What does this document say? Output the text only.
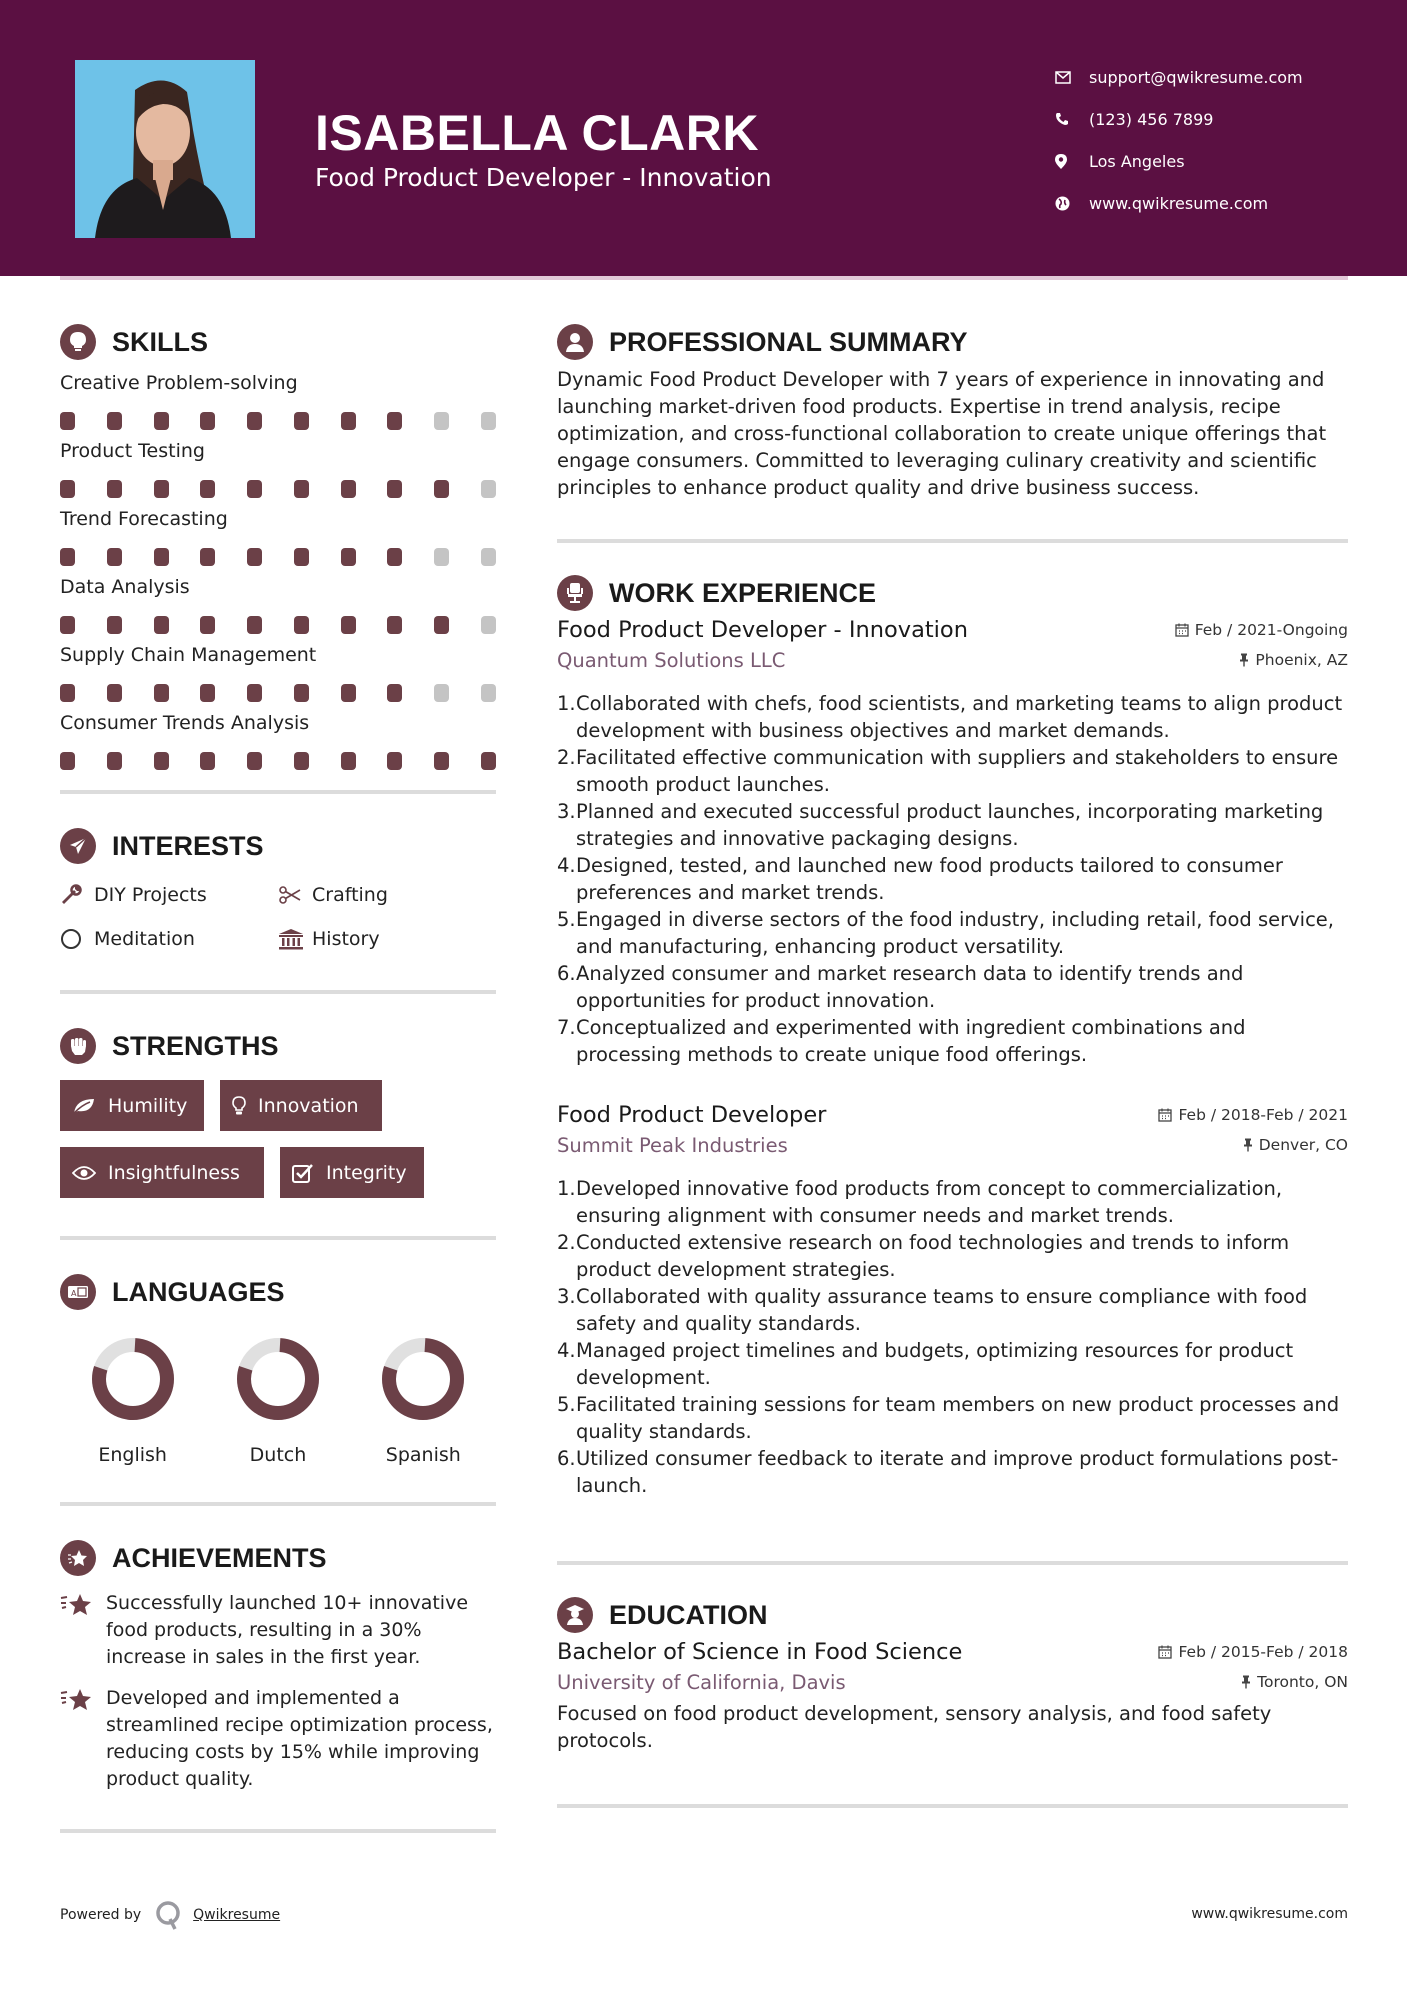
ISABELLA CLARK
Food Product Developer - Innovation
support@qwikresume.com
(123) 456 7899
Los Angeles
www.qwikresume.com
SKILLS
Creative Problem-solving
Product Testing
Trend Forecasting
Data Analysis
Supply Chain Management
Consumer Trends Analysis
INTERESTS
DIY Projects	Crafting
Meditation	History
STRENGTHS
Humility	Innovation
Insightfulness	Integrity
A LANGUAGES
English	Dutch	Spanish
ACHIEVEMENTS
Successfully launched 10+ innovative food products, resulting in a 30% increase in sales in the first year.
Developed and implemented a streamlined recipe optimization process, reducing costs by 15% while improving product quality.
PROFESSIONAL SUMMARY

Dynamic Food Product Developer with 7 years of experience in innovating and launching market-driven food products. Expertise in trend analysis, recipe optimization, and cross-functional collaboration to create unique offerings that engage consumers. Committed to leveraging culinary creativity and scientific principles to enhance product quality and drive business success.

WORK EXPERIENCE
Food Product Developer - Innovation	Feb / 2021-Ongoing
Quantum Solutions LLC	Phoenix, AZ
1. Collaborated with chefs, food scientists, and marketing teams to align product development with business objectives and market demands.
2. Facilitated effective communication with suppliers and stakeholders to ensure smooth product launches.
3. Planned and executed successful product launches, incorporating marketing strategies and innovative packaging designs.
4. Designed, tested, and launched new food products tailored to consumer preferences and market trends.
5. Engaged in diverse sectors of the food industry, including retail, food service, and manufacturing, enhancing product versatility.
6. Analyzed consumer and market research data to identify trends and opportunities for product innovation.
7. Conceptualized and experimented with ingredient combinations and processing methods to create unique food offerings.
Food Product Developer	Feb / 2018-Feb / 2021
Summit Peak Industries	Denver, CO
1. Developed innovative food products from concept to commercialization, ensuring alignment with consumer needs and market trends.
2. Conducted extensive research on food technologies and trends to inform product development strategies.
3. Collaborated with quality assurance teams to ensure compliance with food safety and quality standards.
4. Managed project timelines and budgets, optimizing resources for product development.
5. Facilitated training sessions for team members on new product processes and quality standards.
6. Utilized consumer feedback to iterate and improve product formulations post-launch.
EDUCATION
Bachelor of Science in Food Science	Feb / 2015-Feb / 2018
University of California, Davis	Toronto, ON

Focused on food product development, sensory analysis, and food safety protocols.

Powered by	Qwikresume	www.qwikresume.com
